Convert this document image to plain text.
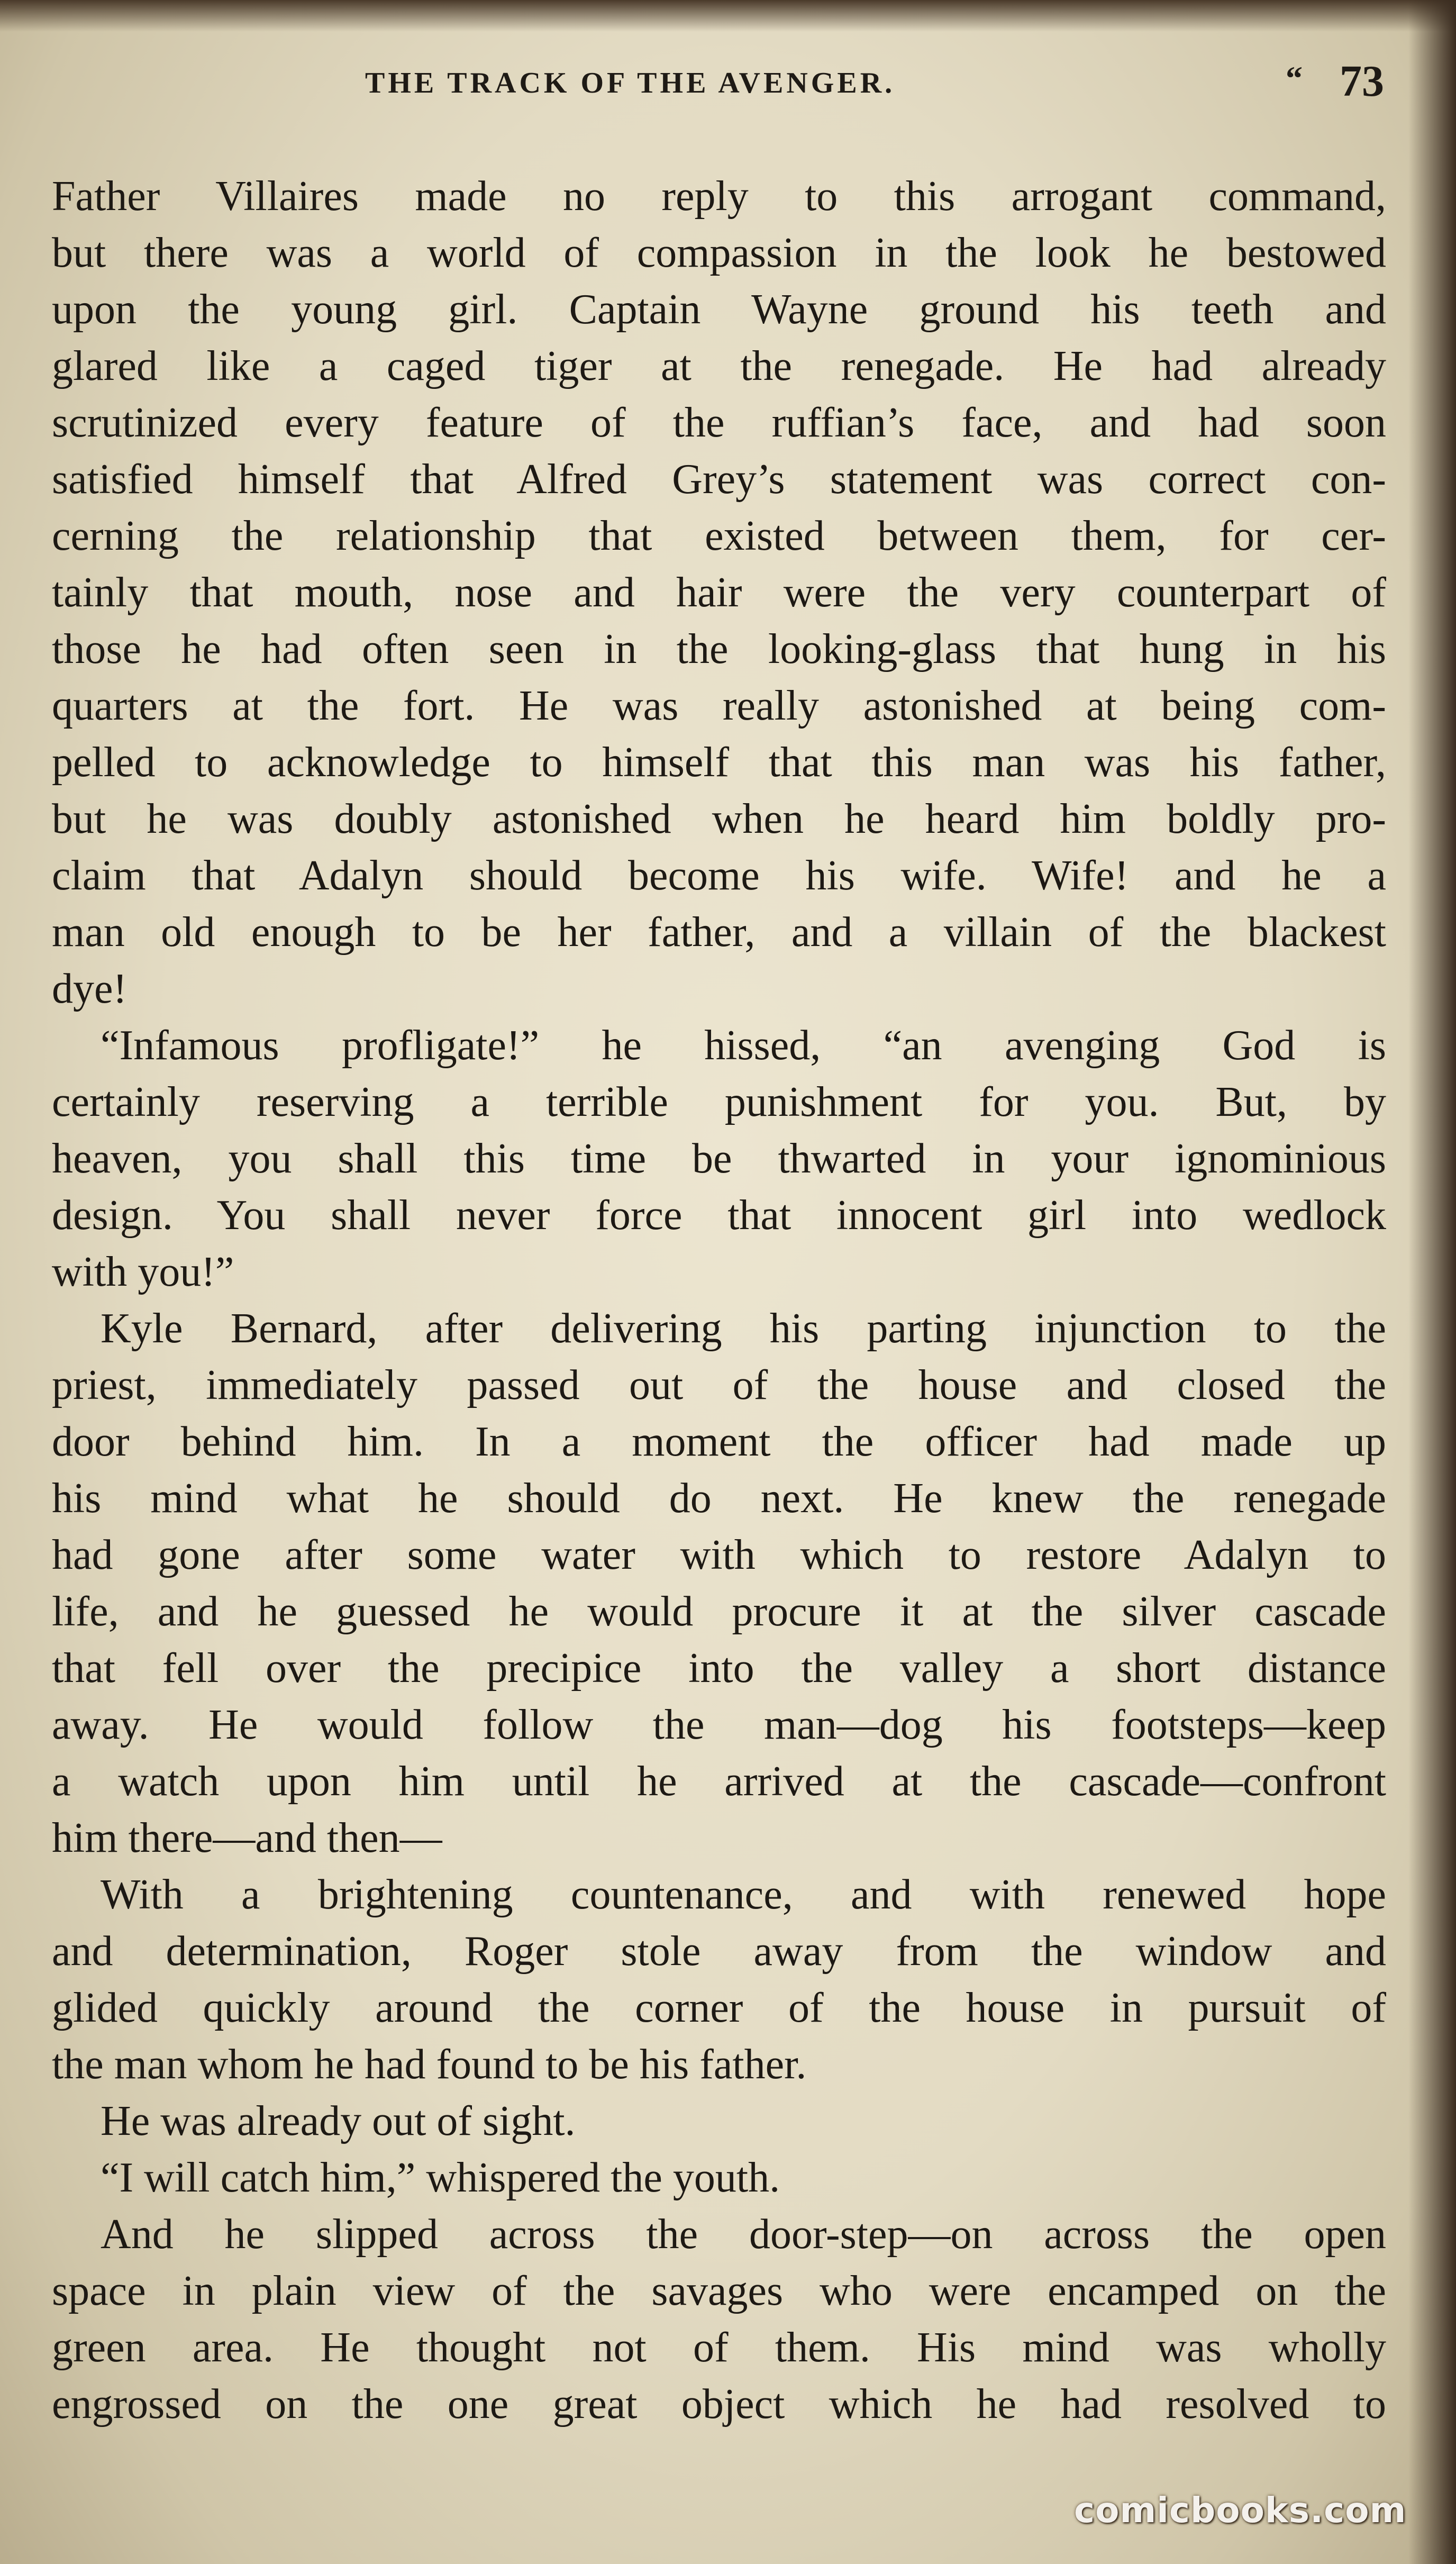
THE TRACK OF THE AVENGER.	“ 73
Father Villaires made no reply to this arrogant command,
but there was a world of compassion in the look he bestowed
upon the young girl. Captain Wayne ground his teeth and
glared like a caged tiger at the renegade. He had already
scrutinized every feature of the ruffian’s face, and had soon
satisfied himself that Alfred Grey’s statement was correct con-
cerning the relationship that existed between them, for cer-
tainly that mouth, nose and hair were the very counterpart of
those he had often seen in the looking-glass that hung in his
quarters at the fort. He was really astonished at being com-
pelled to acknowledge to himself that this man was his father,
but he was doubly astonished when he heard him boldly pro-
claim that Adalyn should become his wife. Wife! and he a
man old enough to be her father, and a villain of the blackest
dye!
“Infamous profligate!” he hissed, “an avenging God is
certainly reserving a terrible punishment for you. But, by
heaven, you shall this time be thwarted in your ignominious
design. You shall never force that innocent girl into wedlock
with you!”
Kyle Bernard, after delivering his parting injunction to the
priest, immediately passed out of the house and closed the
door behind him. In a moment the officer had made up
his mind what he should do next. He knew the renegade
had gone after some water with which to restore Adalyn to
life, and he guessed he would procure it at the silver cascade
that fell over the precipice into the valley a short distance
away. He would follow the man—dog his footsteps—keep
a watch upon him until he arrived at the cascade—confront
him there—and then—
With a brightening countenance, and with renewed hope
and determination, Roger stole away from the window and
glided quickly around the corner of the house in pursuit of
the man whom he had found to be his father.
He was already out of sight.
“I will catch him,” whispered the youth.
And he slipped across the door-step—on across the open
space in plain view of the savages who were encamped on the
green area. He thought not of them. His mind was wholly
engrossed on the one great object which he had resolved to
comicbooks.com
